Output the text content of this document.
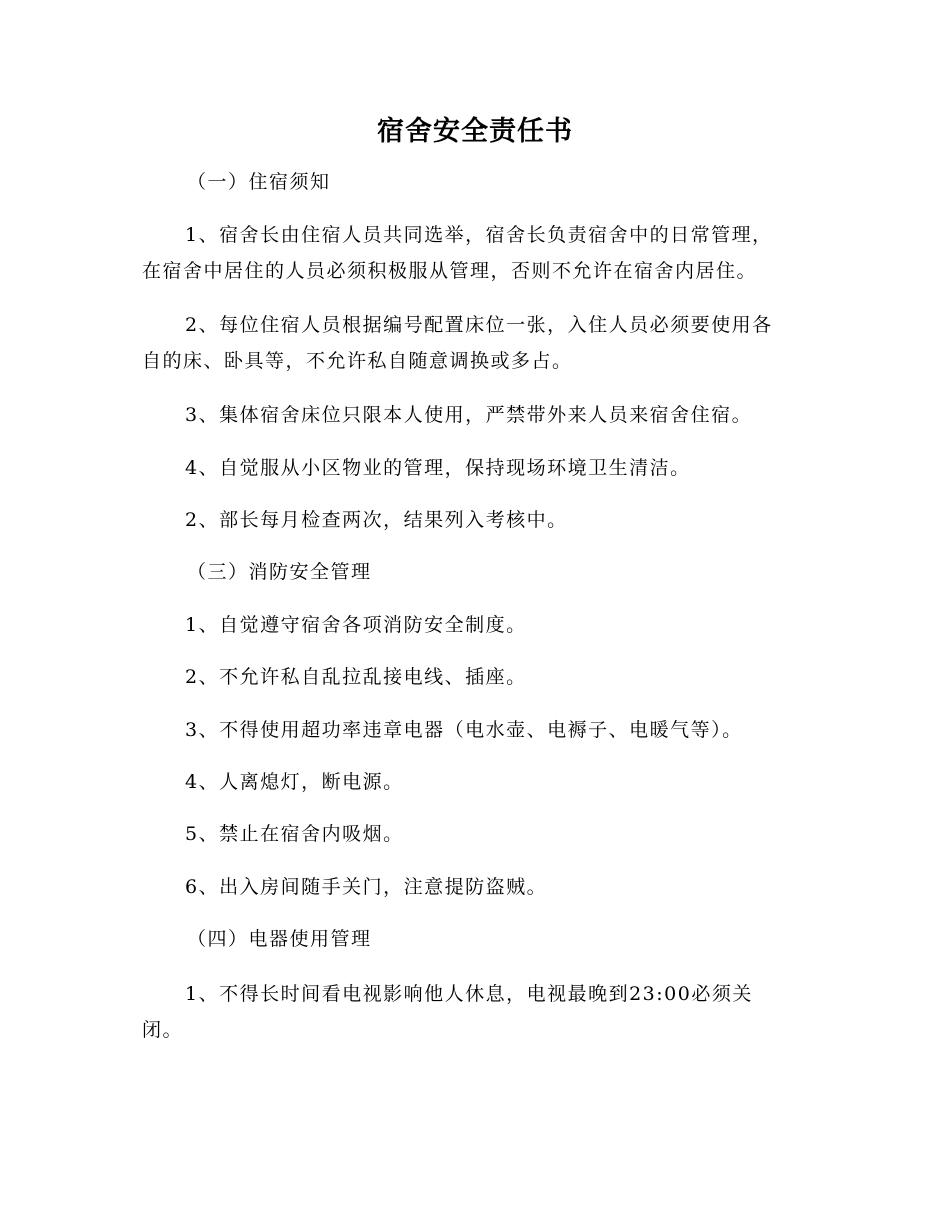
宿舍安全责任书

（一）住宿须知

1、宿舍长由住宿人员共同选举，宿舍长负责宿舍中的日常管理，

在宿舍中居住的人员必须积极服从管理，否则不允许在宿舍内居住。

2、每位住宿人员根据编号配置床位一张，入住人员必须要使用各

自的床、卧具等，不允许私自随意调换或多占。

3、集体宿舍床位只限本人使用，严禁带外来人员来宿舍住宿。

4、自觉服从小区物业的管理，保持现场环境卫生清洁。

2、部长每月检查两次，结果列入考核中。

（三）消防安全管理

1、自觉遵守宿舍各项消防安全制度。

2、不允许私自乱拉乱接电线、插座。

3、不得使用超功率违章电器（电水壶、电褥子、电暖气等）。

4、人离熄灯，断电源。

5、禁止在宿舍内吸烟。

6、出入房间随手关门，注意提防盗贼。

（四）电器使用管理

1、不得长时间看电视影响他人休息，电视最晚到23:00必须关

闭。
